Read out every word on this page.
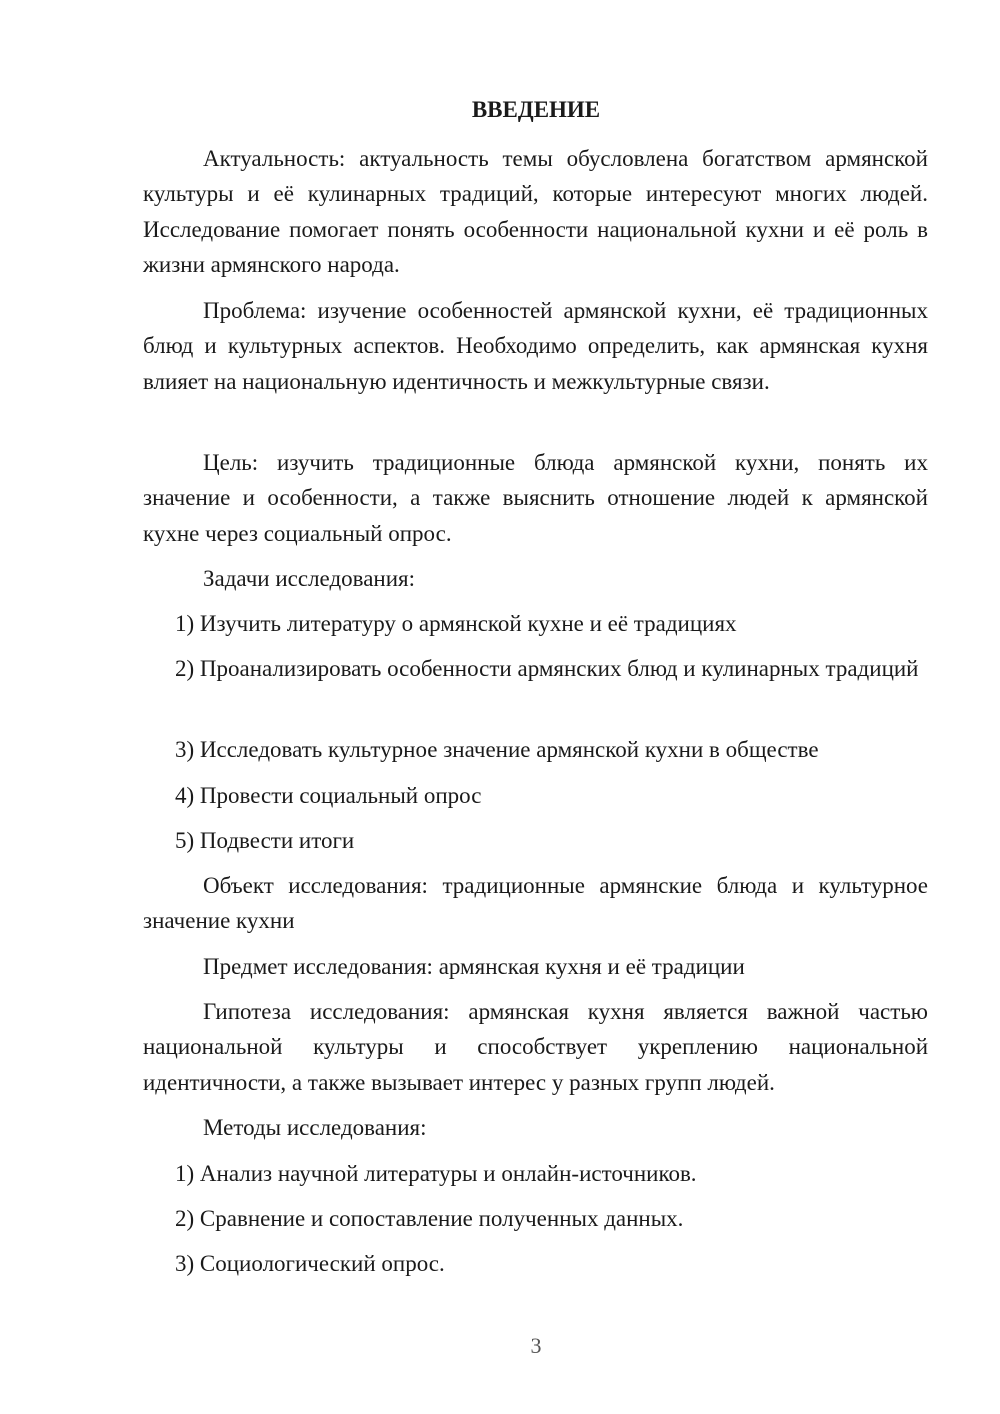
ВВЕДЕНИЕ
Актуальность: актуальность темы обусловлена богатством армянской культуры и её кулинарных традиций, которые интересуют многих людей. Исследование помогает понять особенности национальной кухни и её роль в жизни армянского народа.
Проблема: изучение особенностей армянской кухни, её традиционных блюд и культурных аспектов. Необходимо определить, как армянская кухня влияет на национальную идентичность и межкультурные связи.
Цель: изучить традиционные блюда армянской кухни, понять их значение и особенности, а также выяснить отношение людей к армянской кухне через социальный опрос.
Задачи исследования:
1) Изучить литературу о армянской кухне и её традициях
2) Проанализировать особенности армянских блюд и кулинарных традиций
3) Исследовать культурное значение армянской кухни в обществе
4) Провести социальный опрос
5) Подвести итоги
Объект исследования: традиционные армянские блюда и культурное значение кухни
Предмет исследования: армянская кухня и её традиции
Гипотеза исследования: армянская кухня является важной частью национальной культуры и способствует укреплению национальной идентичности, а также вызывает интерес у разных групп людей.
Методы исследования:
1) Анализ научной литературы и онлайн-источников.
2) Сравнение и сопоставление полученных данных.
3) Социологический опрос.
3
